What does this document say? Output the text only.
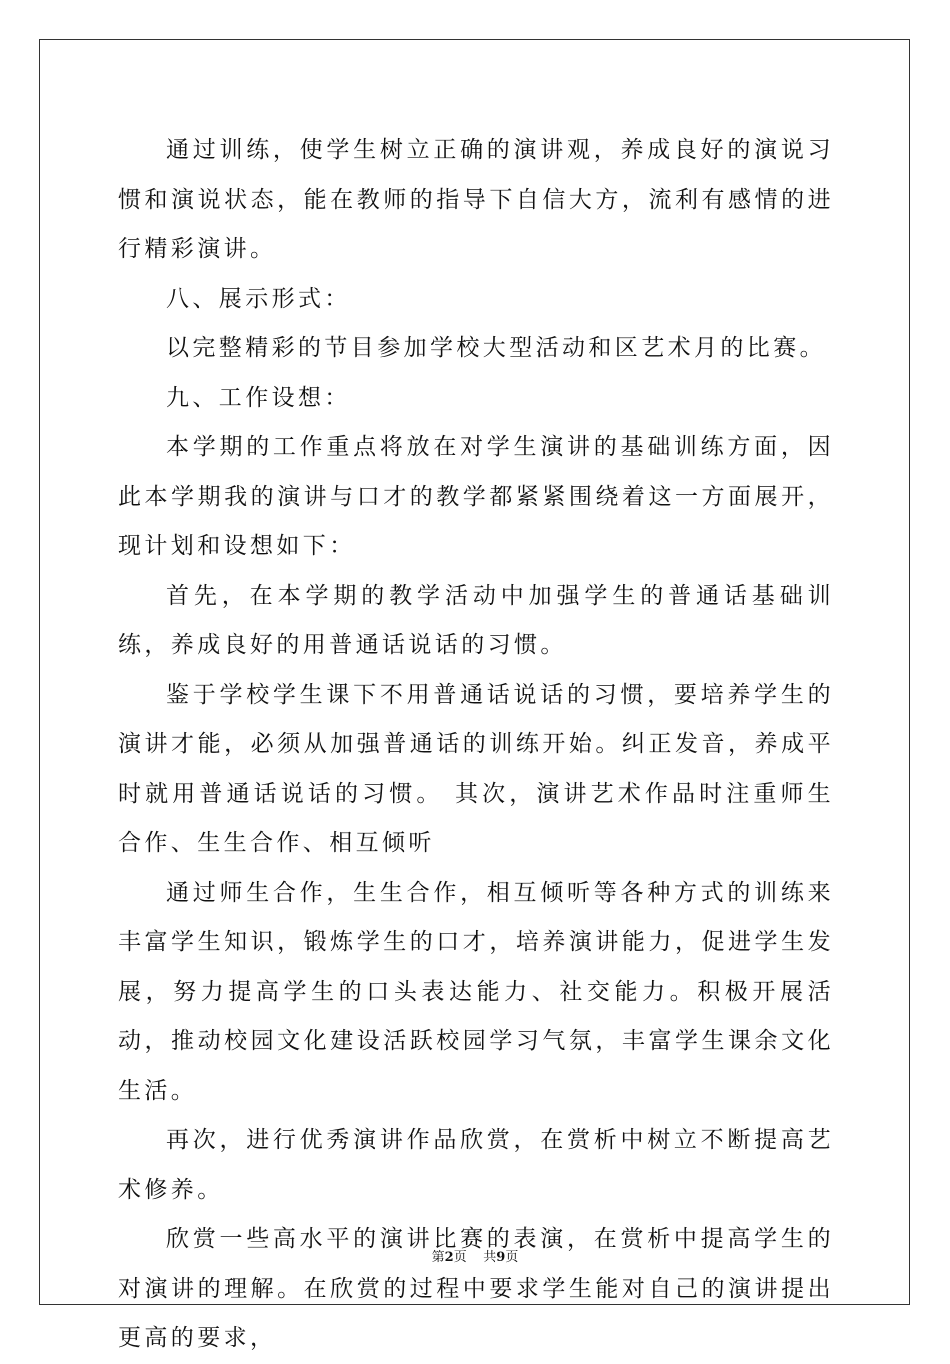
通过训练，使学生树立正确的演讲观，养成良好的演说习惯和演说状态，能在教师的指导下自信大方，流利有感情的进行精彩演讲。

八、展示形式：

以完整精彩的节目参加学校大型活动和区艺术月的比赛。

九、工作设想：

本学期的工作重点将放在对学生演讲的基础训练方面，因此本学期我的演讲与口才的教学都紧紧围绕着这一方面展开，现计划和设想如下：

首先，在本学期的教学活动中加强学生的普通话基础训练，养成良好的用普通话说话的习惯。

鉴于学校学生课下不用普通话说话的习惯，要培养学生的演讲才能，必须从加强普通话的训练开始。纠正发音，养成平时就用普通话说话的习惯。 其次，演讲艺术作品时注重师生合作、生生合作、相互倾听

通过师生合作，生生合作，相互倾听等各种方式的训练来丰富学生知识，锻炼学生的口才，培养演讲能力，促进学生发展，努力提高学生的口头表达能力、社交能力。积极开展活动，推动校园文化建设活跃校园学习气氛，丰富学生课余文化生活。

再次，进行优秀演讲作品欣赏，在赏析中树立不断提高艺术修养。

欣赏一些高水平的演讲比赛的表演，在赏析中提高学生的对演讲的理解。在欣赏的过程中要求学生能对自己的演讲提出更高的要求，

第2页 共9页
